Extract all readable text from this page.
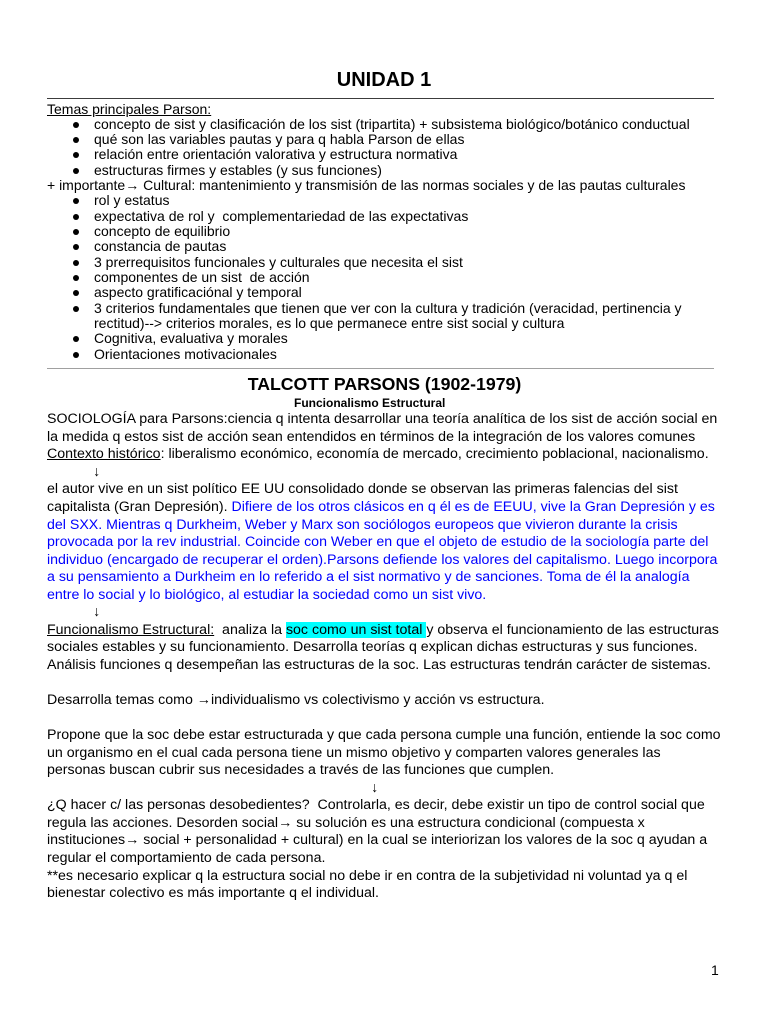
UNIDAD 1
Temas principales Parson:
concepto de sist y clasificación de los sist (tripartita) + subsistema biológico/botánico conductual
qué son las variables pautas y para q habla Parson de ellas
relación entre orientación valorativa y estructura normativa
estructuras firmes y estables (y sus funciones)
+ importante→ Cultural: mantenimiento y transmisión de las normas sociales y de las pautas culturales
rol y estatus
expectativa de rol y  complementariedad de las expectativas
concepto de equilibrio
constancia de pautas
3 prerrequisitos funcionales y culturales que necesita el sist
componentes de un sist  de acción
aspecto gratificaciónal y temporal
3 criterios fundamentales que tienen que ver con la cultura y tradición (veracidad, pertinencia y rectitud)--> criterios morales, es lo que permanece entre sist social y cultura
Cognitiva, evaluativa y morales
Orientaciones motivacionales
TALCOTT PARSONS (1902-1979)
Funcionalismo Estructural

SOCIOLOGÍA para Parsons:ciencia q intenta desarrollar una teoría analítica de los sist de acción social en la medida q estos sist de acción sean entendidos en términos de la integración de los valores comunes

Contexto histórico: liberalismo económico, economía de mercado, crecimiento poblacional, nacionalismo.

↓

el autor vive en un sist político EE UU consolidado donde se observan las primeras falencias del sist capitalista (Gran Depresión). Difiere de los otros clásicos en q él es de EEUU, vive la Gran Depresión y es del SXX. Mientras q Durkheim, Weber y Marx son sociólogos europeos que vivieron durante la crisis provocada por la rev industrial. Coincide con Weber en que el objeto de estudio de la sociología parte del individuo (encargado de recuperar el orden).Parsons defiende los valores del capitalismo. Luego incorpora a su pensamiento a Durkheim en lo referido a el sist normativo y de sanciones. Toma de él la analogía entre lo social y lo biológico, al estudiar la sociedad como un sist vivo.

↓

Funcionalismo Estructural:  analiza la soc como un sist total y observa el funcionamiento de las estructuras sociales estables y su funcionamiento. Desarrolla teorías q explican dichas estructuras y sus funciones. Análisis funciones q desempeñan las estructuras de la soc. Las estructuras tendrán carácter de sistemas.

Desarrolla temas como →individualismo vs colectivismo y acción vs estructura.

Propone que la soc debe estar estructurada y que cada persona cumple una función, entiende la soc como un organismo en el cual cada persona tiene un mismo objetivo y comparten valores generales las personas buscan cubrir sus necesidades a través de las funciones que cumplen.

↓

¿Q hacer c/ las personas desobedientes?  Controlarla, es decir, debe existir un tipo de control social que regula las acciones. Desorden social→ su solución es una estructura condicional (compuesta x instituciones→ social + personalidad + cultural) en la cual se interiorizan los valores de la soc q ayudan a regular el comportamiento de cada persona.

**es necesario explicar q la estructura social no debe ir en contra de la subjetividad ni voluntad ya q el bienestar colectivo es más importante q el individual.

1
